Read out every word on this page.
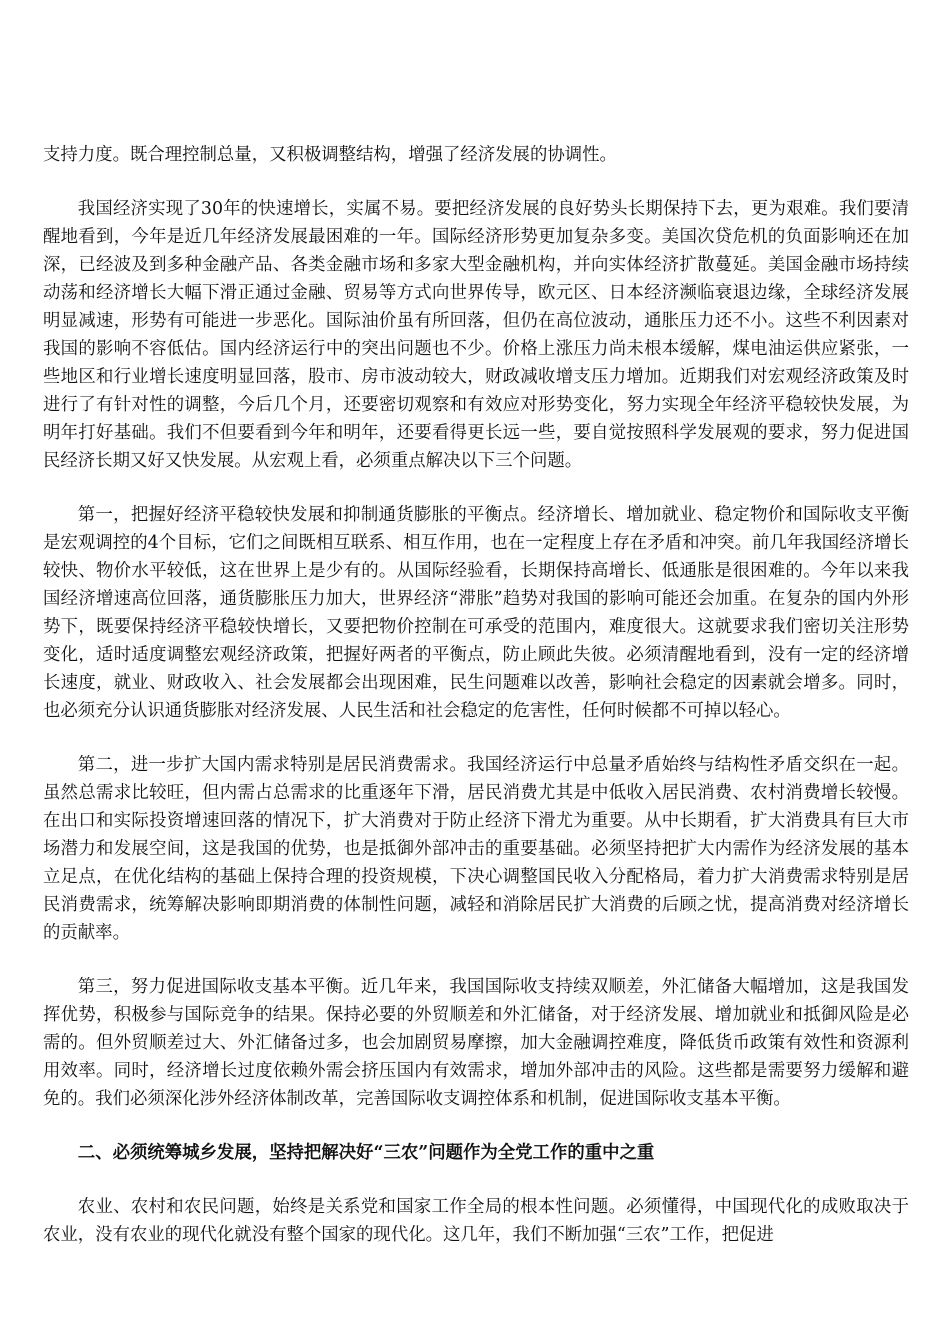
支持力度。既合理控制总量，又积极调整结构，增强了经济发展的协调性。

我国经济实现了30年的快速增长，实属不易。要把经济发展的良好势头长期保持下去，更为艰难。我们要清醒地看到，今年是近几年经济发展最困难的一年。国际经济形势更加复杂多变。美国次贷危机的负面影响还在加深，已经波及到多种金融产品、各类金融市场和多家大型金融机构，并向实体经济扩散蔓延。美国金融市场持续动荡和经济增长大幅下滑正通过金融、贸易等方式向世界传导，欧元区、日本经济濒临衰退边缘，全球经济发展明显减速，形势有可能进一步恶化。国际油价虽有所回落，但仍在高位波动，通胀压力还不小。这些不利因素对我国的影响不容低估。国内经济运行中的突出问题也不少。价格上涨压力尚未根本缓解，煤电油运供应紧张，一些地区和行业增长速度明显回落，股市、房市波动较大，财政减收增支压力增加。近期我们对宏观经济政策及时进行了有针对性的调整，今后几个月，还要密切观察和有效应对形势变化，努力实现全年经济平稳较快发展，为明年打好基础。我们不但要看到今年和明年，还要看得更长远一些，要自觉按照科学发展观的要求，努力促进国民经济长期又好又快发展。从宏观上看，必须重点解决以下三个问题。

第一，把握好经济平稳较快发展和抑制通货膨胀的平衡点。经济增长、增加就业、稳定物价和国际收支平衡是宏观调控的4个目标，它们之间既相互联系、相互作用，也在一定程度上存在矛盾和冲突。前几年我国经济增长较快、物价水平较低，这在世界上是少有的。从国际经验看，长期保持高增长、低通胀是很困难的。今年以来我国经济增速高位回落，通货膨胀压力加大，世界经济“滞胀”趋势对我国的影响可能还会加重。在复杂的国内外形势下，既要保持经济平稳较快增长，又要把物价控制在可承受的范围内，难度很大。这就要求我们密切关注形势变化，适时适度调整宏观经济政策，把握好两者的平衡点，防止顾此失彼。必须清醒地看到，没有一定的经济增长速度，就业、财政收入、社会发展都会出现困难，民生问题难以改善，影响社会稳定的因素就会增多。同时，也必须充分认识通货膨胀对经济发展、人民生活和社会稳定的危害性，任何时候都不可掉以轻心。

第二，进一步扩大国内需求特别是居民消费需求。我国经济运行中总量矛盾始终与结构性矛盾交织在一起。虽然总需求比较旺，但内需占总需求的比重逐年下滑，居民消费尤其是中低收入居民消费、农村消费增长较慢。在出口和实际投资增速回落的情况下，扩大消费对于防止经济下滑尤为重要。从中长期看，扩大消费具有巨大市场潜力和发展空间，这是我国的优势，也是抵御外部冲击的重要基础。必须坚持把扩大内需作为经济发展的基本立足点，在优化结构的基础上保持合理的投资规模，下决心调整国民收入分配格局，着力扩大消费需求特别是居民消费需求，统筹解决影响即期消费的体制性问题，减轻和消除居民扩大消费的后顾之忧，提高消费对经济增长的贡献率。

第三，努力促进国际收支基本平衡。近几年来，我国国际收支持续双顺差，外汇储备大幅增加，这是我国发挥优势，积极参与国际竞争的结果。保持必要的外贸顺差和外汇储备，对于经济发展、增加就业和抵御风险是必需的。但外贸顺差过大、外汇储备过多，也会加剧贸易摩擦，加大金融调控难度，降低货币政策有效性和资源利用效率。同时，经济增长过度依赖外需会挤压国内有效需求，增加外部冲击的风险。这些都是需要努力缓解和避免的。我们必须深化涉外经济体制改革，完善国际收支调控体系和机制，促进国际收支基本平衡。

二、必须统筹城乡发展，坚持把解决好“三农”问题作为全党工作的重中之重

农业、农村和农民问题，始终是关系党和国家工作全局的根本性问题。必须懂得，中国现代化的成败取决于农业，没有农业的现代化就没有整个国家的现代化。这几年，我们不断加强“三农”工作，把促进
